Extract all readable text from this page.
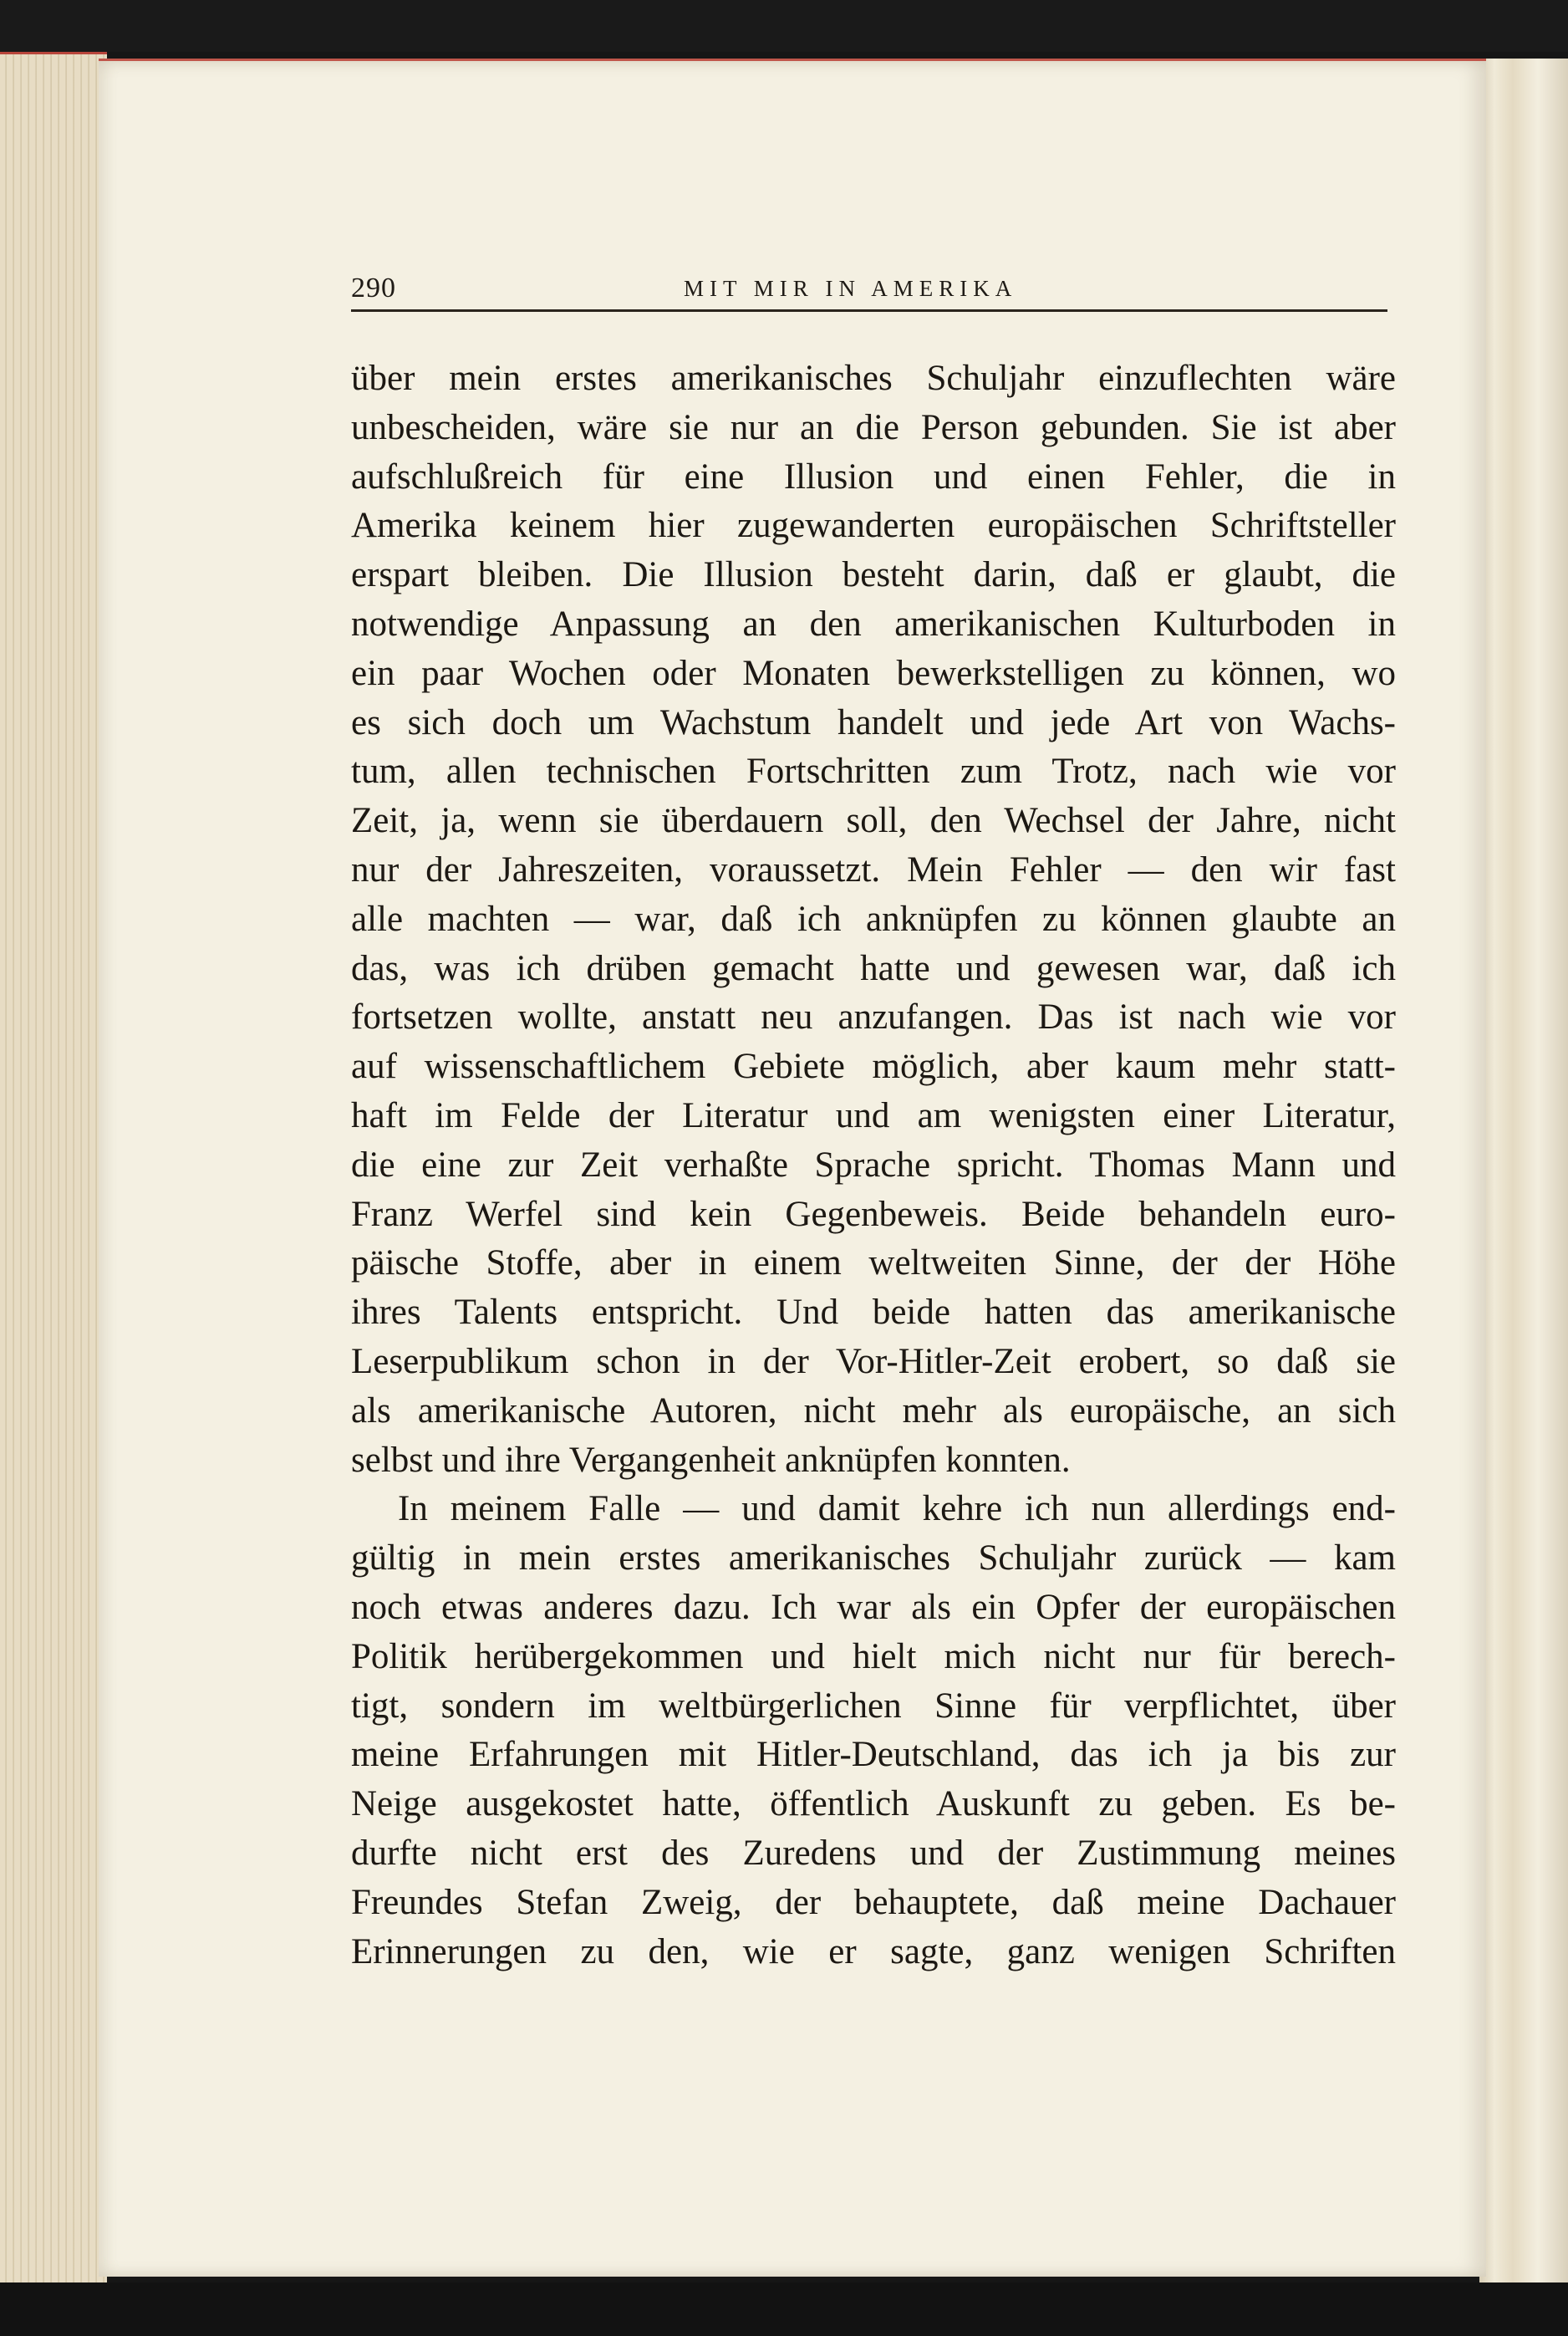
290	MIT MIR IN AMERIKA
über mein erstes amerikanisches Schuljahr einzuflechten wäre
unbescheiden, wäre sie nur an die Person gebunden. Sie ist aber
aufschlußreich für eine Illusion und einen Fehler, die in
Amerika keinem hier zugewanderten europäischen Schriftsteller
erspart bleiben. Die Illusion besteht darin, daß er glaubt, die
notwendige Anpassung an den amerikanischen Kulturboden in
ein paar Wochen oder Monaten bewerkstelligen zu können, wo
es sich doch um Wachstum handelt und jede Art von Wachs-
tum, allen technischen Fortschritten zum Trotz, nach wie vor
Zeit, ja, wenn sie überdauern soll, den Wechsel der Jahre, nicht
nur der Jahreszeiten, voraussetzt. Mein Fehler — den wir fast
alle machten — war, daß ich anknüpfen zu können glaubte an
das, was ich drüben gemacht hatte und gewesen war, daß ich
fortsetzen wollte, anstatt neu anzufangen. Das ist nach wie vor
auf wissenschaftlichem Gebiete möglich, aber kaum mehr statt-
haft im Felde der Literatur und am wenigsten einer Literatur,
die eine zur Zeit verhaßte Sprache spricht. Thomas Mann und
Franz Werfel sind kein Gegenbeweis. Beide behandeln euro-
päische Stoffe, aber in einem weltweiten Sinne, der der Höhe
ihres Talents entspricht. Und beide hatten das amerikanische
Leserpublikum schon in der Vor-Hitler-Zeit erobert, so daß sie
als amerikanische Autoren, nicht mehr als europäische, an sich
selbst und ihre Vergangenheit anknüpfen konnten.
In meinem Falle — und damit kehre ich nun allerdings end-
gültig in mein erstes amerikanisches Schuljahr zurück — kam
noch etwas anderes dazu. Ich war als ein Opfer der europäischen
Politik herübergekommen und hielt mich nicht nur für berech-
tigt, sondern im weltbürgerlichen Sinne für verpflichtet, über
meine Erfahrungen mit Hitler-Deutschland, das ich ja bis zur
Neige ausgekostet hatte, öffentlich Auskunft zu geben. Es be-
durfte nicht erst des Zuredens und der Zustimmung meines
Freundes Stefan Zweig, der behauptete, daß meine Dachauer
Erinnerungen zu den, wie er sagte, ganz wenigen Schriften
